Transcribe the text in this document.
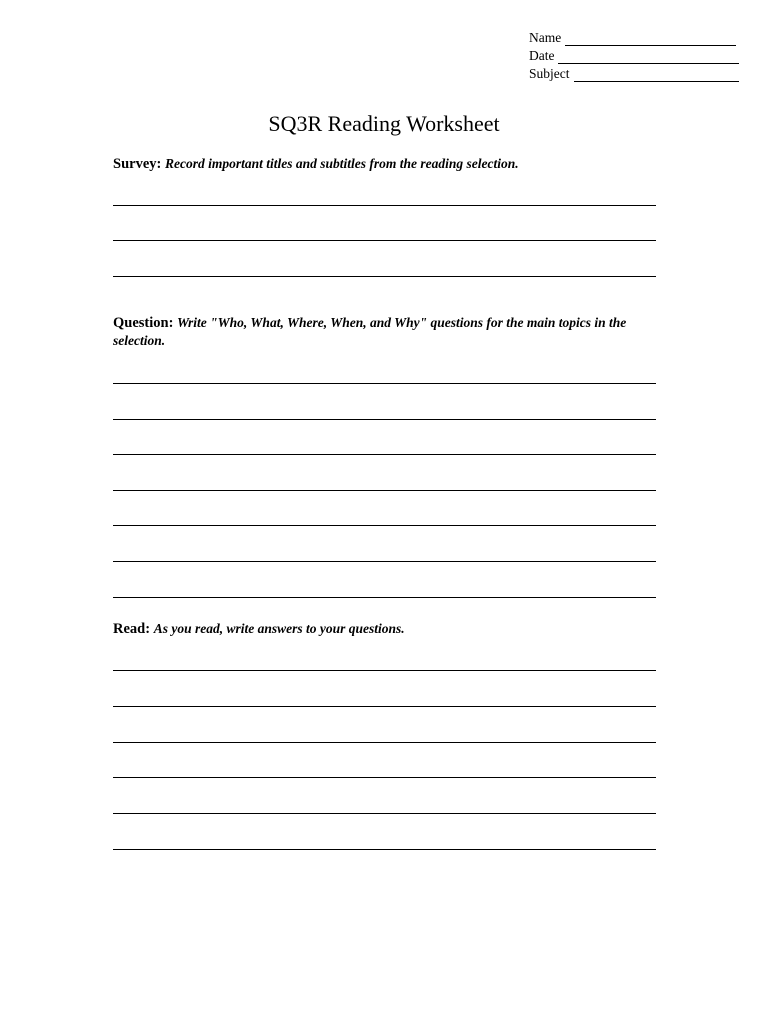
Name
Date
Subject
SQ3R Reading Worksheet
Survey: Record important titles and subtitles from the reading selection.
Question: Write "Who, What, Where, When, and Why" questions for the main topics in the selection.
Read: As you read, write answers to your questions.
